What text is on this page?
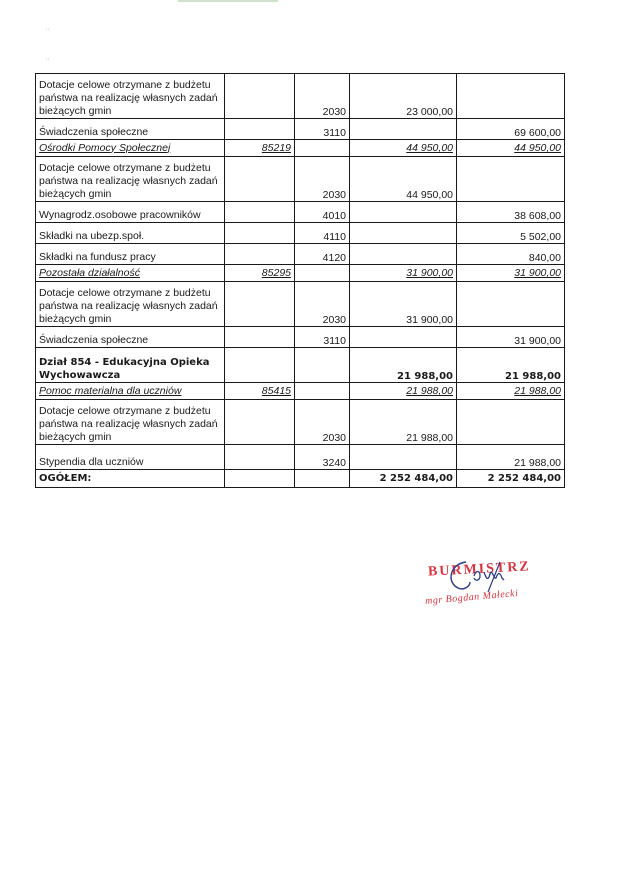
¨
¨
Dotacje celowe otrzymane z budżetu państwa na realizację własnych zadań bieżących gmin		2030	23 000,00	
Świadczenia społeczne		3110		69 600,00
Ośrodki Pomocy Społecznej	85219		44 950,00	44 950,00
Dotacje celowe otrzymane z budżetu państwa na realizację własnych zadań bieżących gmin		2030	44 950,00	
Wynagrodz.osobowe pracowników		4010		38 608,00
Składki na ubezp.społ.		4110		5 502,00
Składki na fundusz pracy		4120		840,00
Pozostała działalność	85295		31 900,00	31 900,00
Dotacje celowe otrzymane z budżetu państwa na realizację własnych zadań bieżących gmin		2030	31 900,00	
Świadczenia społeczne		3110		31 900,00
Dział 854 - Edukacyjna Opieka Wychowawcza			21 988,00	21 988,00
Pomoc materialna dla uczniów	85415		21 988,00	21 988,00
Dotacje celowe otrzymane z budżetu państwa na realizację własnych zadań bieżących gmin		2030	21 988,00	
Stypendia dla uczniów		3240		21 988,00
OGÓŁEM:			2 252 484,00	2 252 484,00
BURMISTRZ
mgr Bogdan Małecki
